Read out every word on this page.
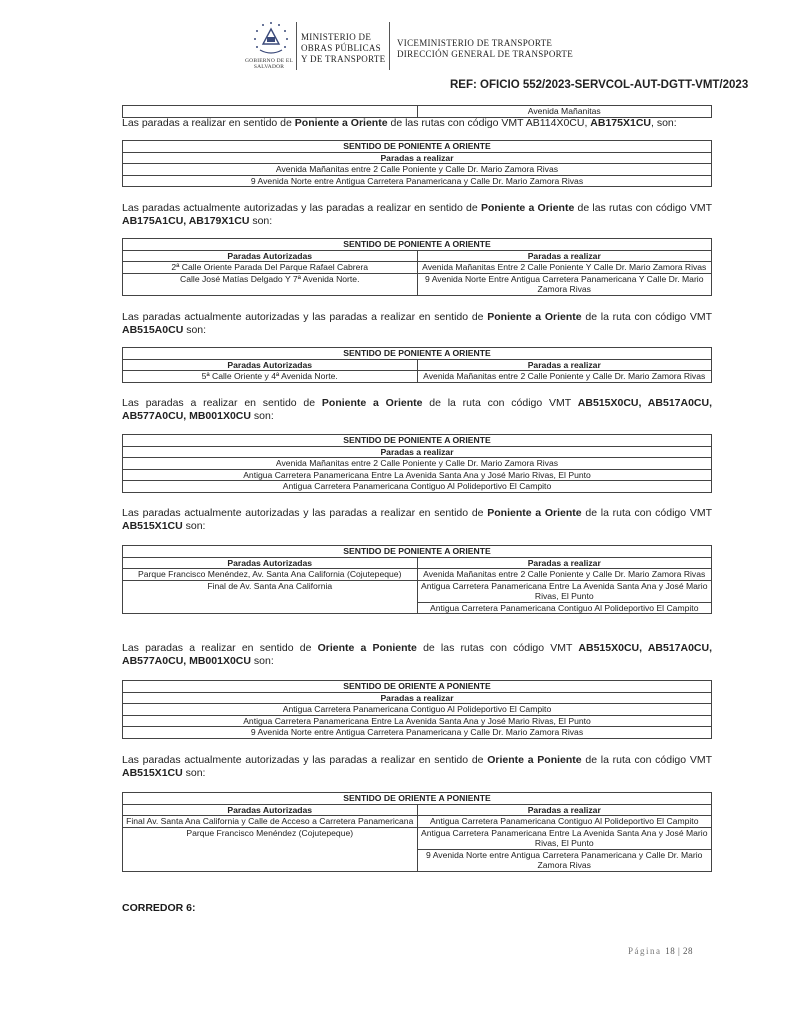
GOBIERNO DE EL SALVADOR
MINISTERIO DE
OBRAS PÚBLICAS
Y DE TRANSPORTE
VICEMINISTERIO DE TRANSPORTE
DIRECCIÓN GENERAL DE TRANSPORTE
REF: OFICIO 552/2023-SERVCOL-AUT-DGTT-VMT/2023
	Avenida Mañanitas
Las paradas a realizar en sentido de Poniente a Oriente de las rutas con código VMT AB114X0CU, AB175X1CU, son:
SENTIDO DE PONIENTE A ORIENTE
Paradas a realizar
Avenida Mañanitas entre 2 Calle Poniente y Calle Dr. Mario Zamora Rivas
9 Avenida Norte entre Antigua Carretera Panamericana y Calle Dr. Mario Zamora Rivas
Las paradas actualmente autorizadas y las paradas a realizar en sentido de Poniente a Oriente de las rutas con código VMT AB175A1CU, AB179X1CU son:
SENTIDO DE PONIENTE A ORIENTE	
Paradas Autorizadas	Paradas a realizar
2ª Calle Oriente Parada Del Parque Rafael Cabrera	Avenida Mañanitas Entre 2 Calle Poniente Y Calle Dr. Mario Zamora Rivas
Calle José Matías Delgado Y 7ª Avenida Norte.	9 Avenida Norte Entre Antigua Carretera Panamericana Y Calle Dr. Mario Zamora Rivas
Las paradas actualmente autorizadas y las paradas a realizar en sentido de Poniente a Oriente de la ruta con código VMT AB515A0CU son:
SENTIDO DE PONIENTE A ORIENTE	
Paradas Autorizadas	Paradas a realizar
5ª Calle Oriente y 4ª Avenida Norte.	Avenida Mañanitas entre 2 Calle Poniente y Calle Dr. Mario Zamora Rivas
Las paradas a realizar en sentido de Poniente a Oriente de la ruta con código VMT AB515X0CU, AB517A0CU, AB577A0CU, MB001X0CU son:
SENTIDO DE PONIENTE A ORIENTE
Paradas a realizar
Avenida Mañanitas entre 2 Calle Poniente y Calle Dr. Mario Zamora Rivas
Antigua Carretera Panamericana Entre La Avenida Santa Ana y José Mario Rivas, El Punto
Antigua Carretera Panamericana Contiguo Al Polideportivo El Campito
Las paradas actualmente autorizadas y las paradas a realizar en sentido de Poniente a Oriente de la ruta con código VMT AB515X1CU son:
SENTIDO DE PONIENTE A ORIENTE	
Paradas Autorizadas	Paradas a realizar
Parque Francisco Menéndez, Av. Santa Ana California (Cojutepeque)	Avenida Mañanitas entre 2 Calle Poniente y Calle Dr. Mario Zamora Rivas
Final de Av. Santa Ana California	Antigua Carretera Panamericana Entre La Avenida Santa Ana y José Mario Rivas, El Punto
	Antigua Carretera Panamericana Contiguo Al Polideportivo El Campito
Las paradas a realizar en sentido de Oriente a Poniente de las rutas con código VMT AB515X0CU, AB517A0CU, AB577A0CU, MB001X0CU son:
SENTIDO DE ORIENTE A PONIENTE
Paradas a realizar
Antigua Carretera Panamericana Contiguo Al Polideportivo El Campito
Antigua Carretera Panamericana Entre La Avenida Santa Ana y José Mario Rivas, El Punto
9 Avenida Norte entre Antigua Carretera Panamericana y Calle Dr. Mario Zamora Rivas
Las paradas actualmente autorizadas y las paradas a realizar en sentido de Oriente a Poniente de la ruta con código VMT AB515X1CU son:
SENTIDO DE ORIENTE A PONIENTE	
Paradas Autorizadas	Paradas a realizar
Final Av. Santa Ana California y Calle de Acceso a Carretera Panamericana	Antigua Carretera Panamericana Contiguo Al Polideportivo El Campito
Parque Francisco Menéndez (Cojutepeque)	Antigua Carretera Panamericana Entre La Avenida Santa Ana y José Mario Rivas, El Punto
	9 Avenida Norte entre Antigua Carretera Panamericana y Calle Dr. Mario Zamora Rivas
CORREDOR 6:
Página 18 | 28
